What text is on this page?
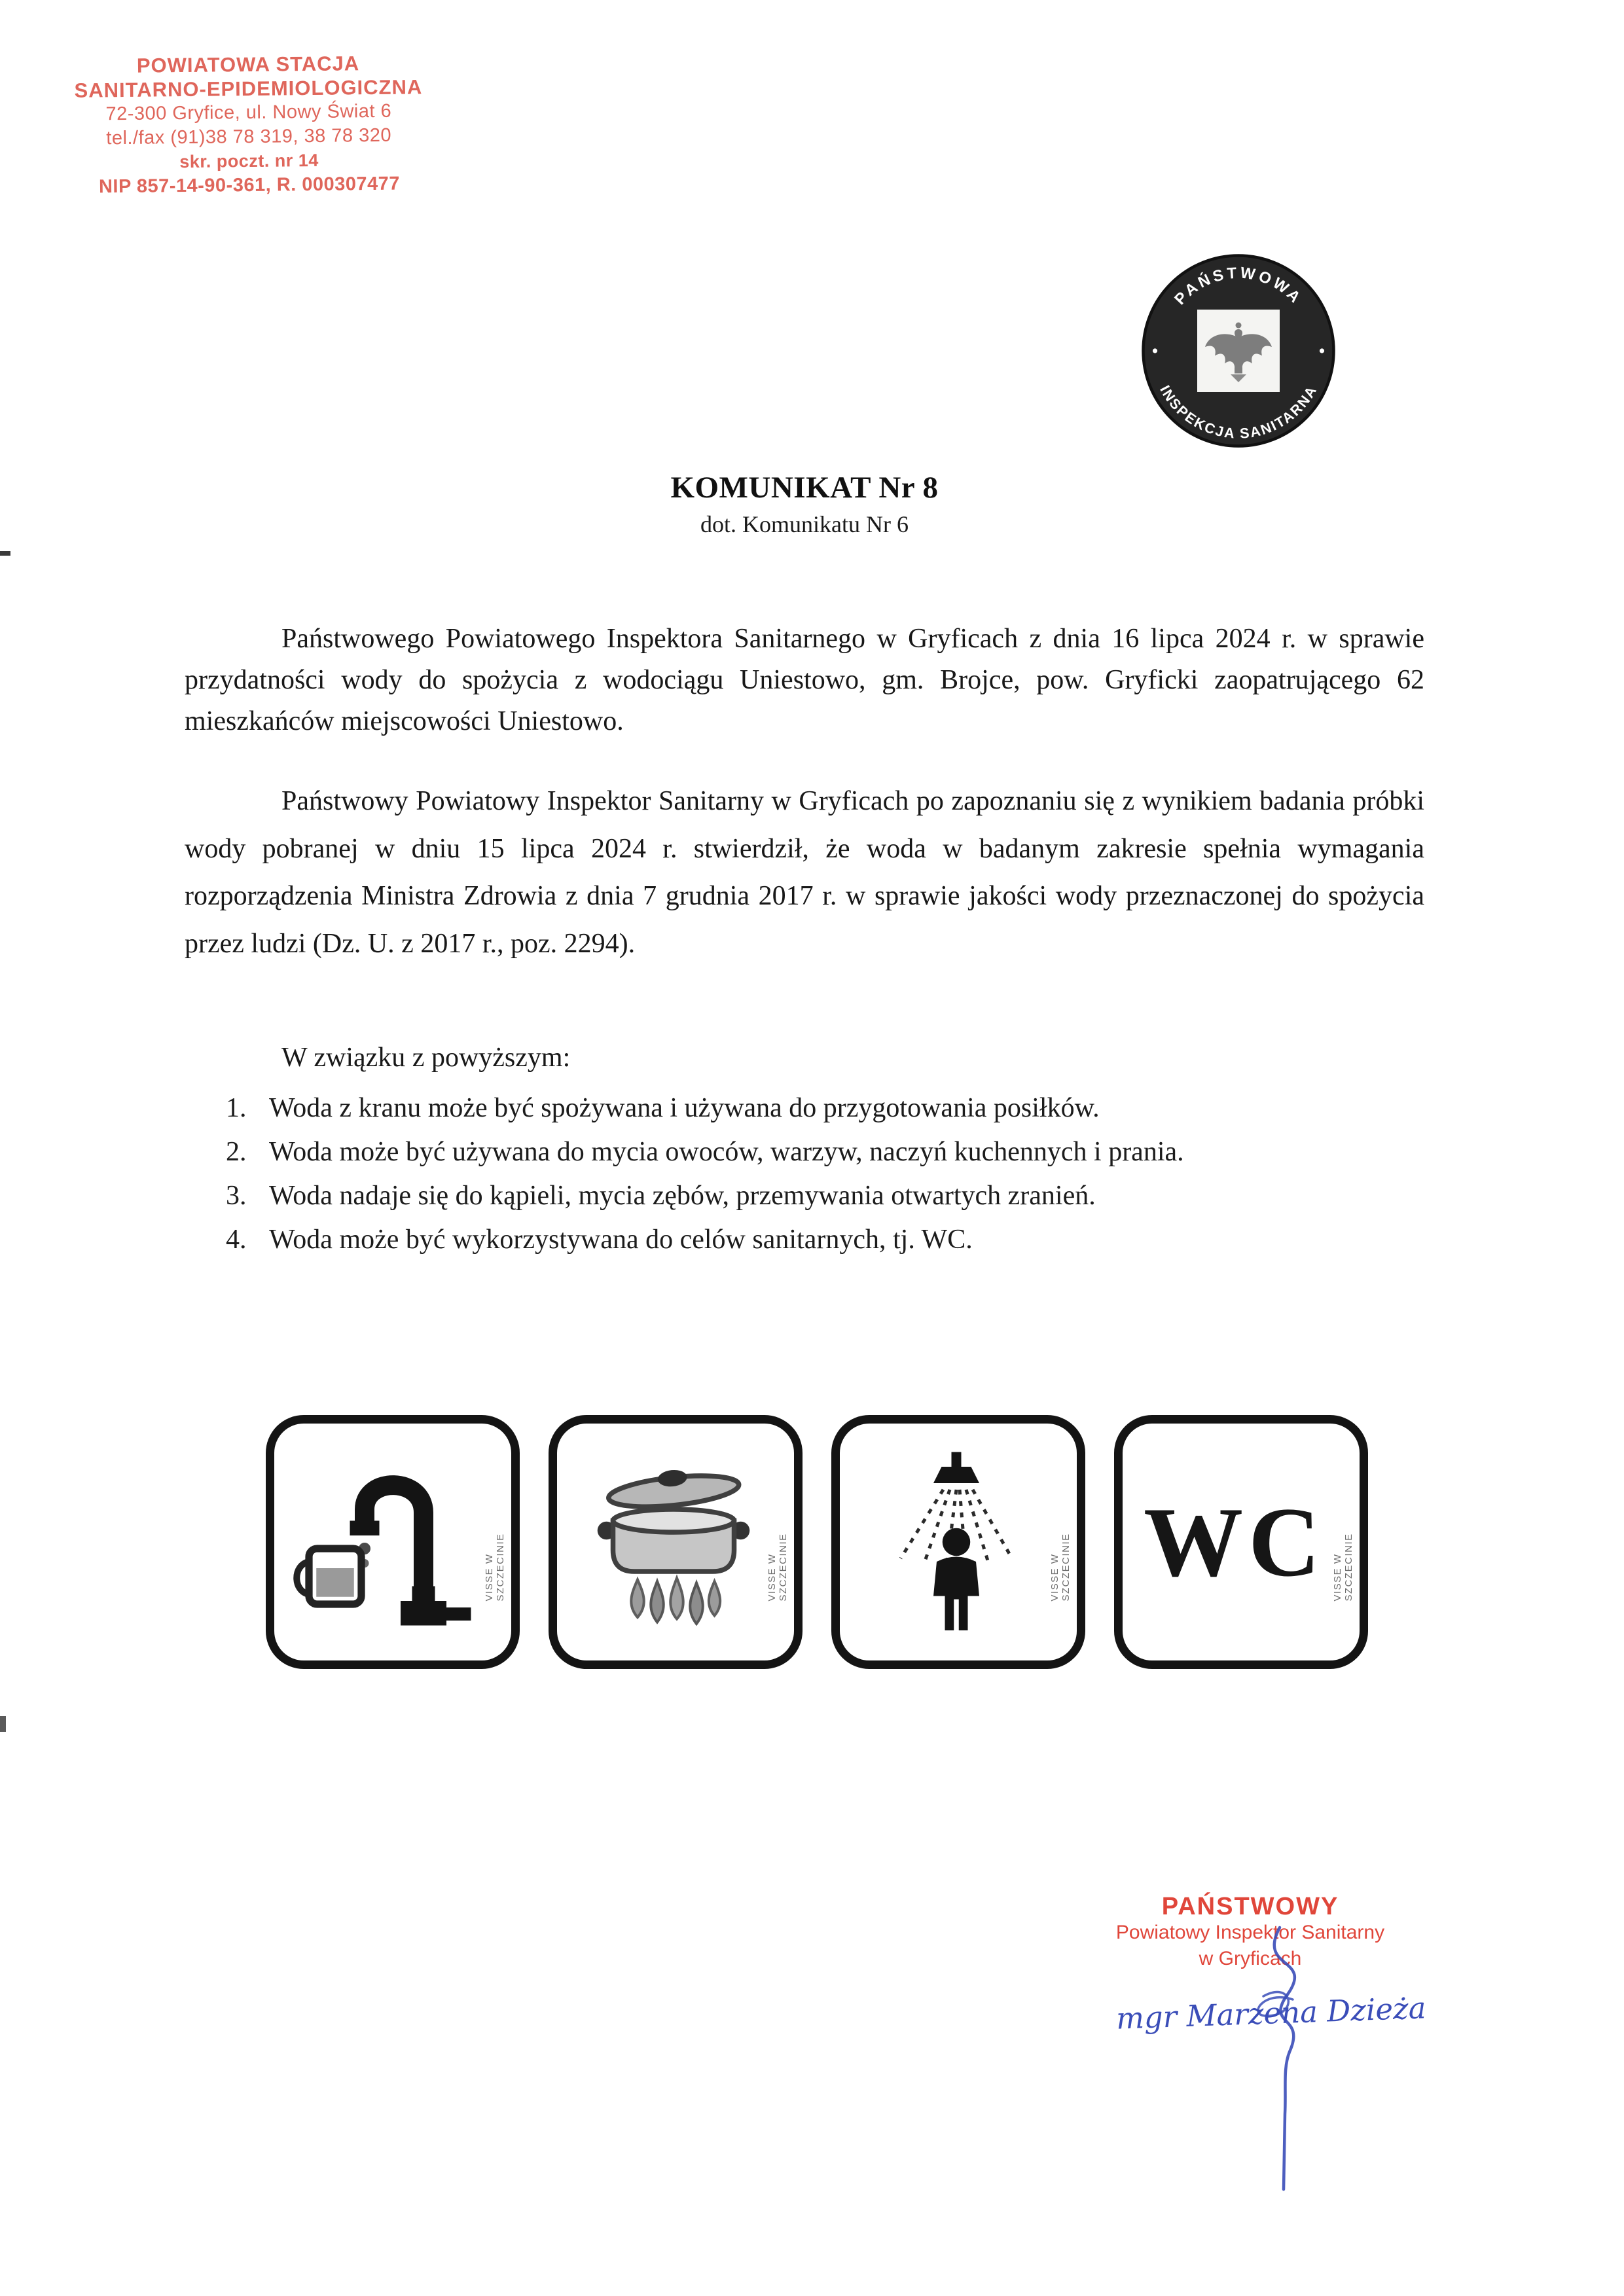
POWIATOWA STACJA
SANITARNO-EPIDEMIOLOGICZNA
72-300 Gryfice, ul. Nowy Świat 6
tel./fax (91)38 78 319, 38 78 320
skr. poczt. nr 14
NIP 857-14-90-361, R. 000307477
PAŃSTWOWA
INSPEKCJA SANITARNA
KOMUNIKAT Nr 8
dot. Komunikatu Nr 6

Państwowego Powiatowego Inspektora Sanitarnego w Gryficach z dnia 16 lipca 2024 r. w sprawie przydatności wody do spożycia z wodociągu Uniestowo, gm. Brojce, pow. Gryficki zaopatrującego 62 mieszkańców miejscowości Uniestowo.

Państwowy Powiatowy Inspektor Sanitarny w Gryficach po zapoznaniu się z wynikiem badania próbki wody pobranej w dniu 15 lipca 2024 r. stwierdził, że woda w badanym zakresie spełnia wymagania rozporządzenia Ministra Zdrowia z dnia 7 grudnia 2017 r. w sprawie jakości wody przeznaczonej do spożycia przez ludzi (Dz. U. z 2017 r., poz. 2294).

W związku z powyższym:
1. Woda z kranu może być spożywana i używana do przygotowania posiłków.
2. Woda może być używana do mycia owoców, warzyw, naczyń kuchennych i prania.
3. Woda nadaje się do kąpieli, mycia zębów, przemywania otwartych zranień.
4. Woda może być wykorzystywana do celów sanitarnych, tj. WC.
VISSE W SZCZECINIE	VISSE W SZCZECINIE	VISSE W SZCZECINIE WC VISSE W SZCZECINIE
PAŃSTWOWY
Powiatowy Inspektor Sanitarny
w Gryficach
mgr Marzena Dzieża
